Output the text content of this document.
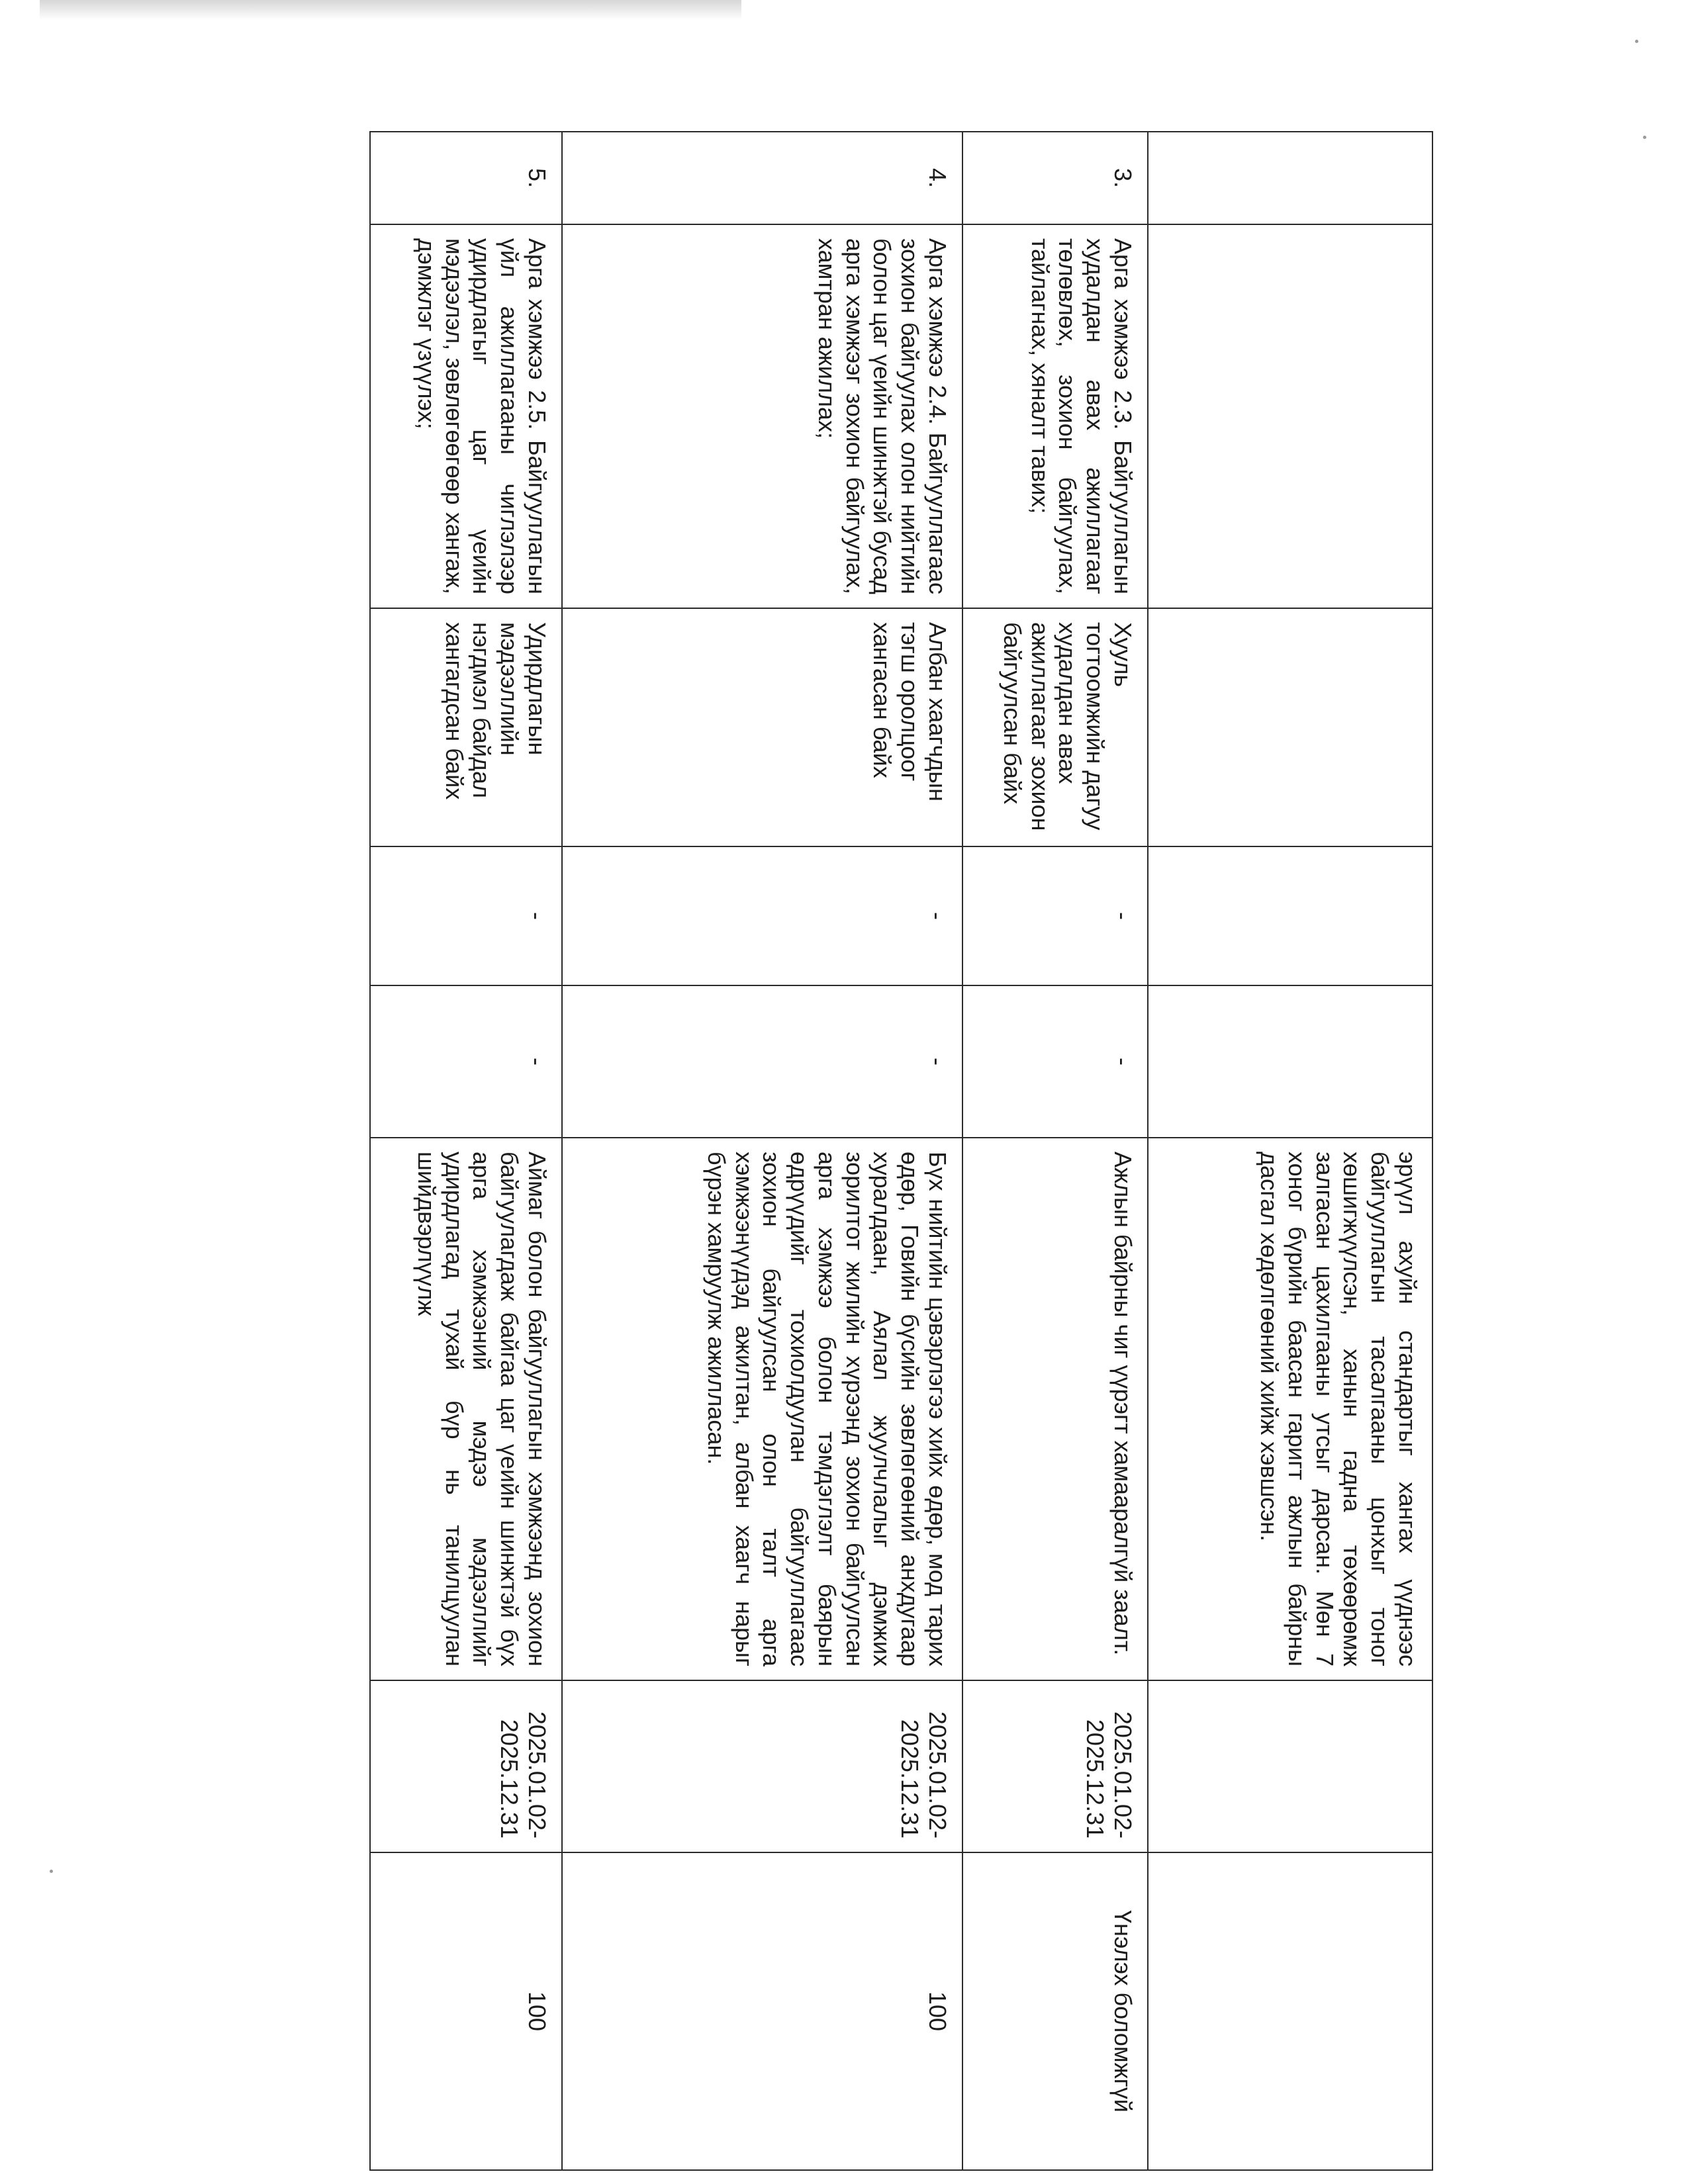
					эрүүл ахуйн стандартыг хангах үүднээс байгууллагын тасалгааны цонхыг тоног хөшигжүүлсэн, ханын гадна төхөөрөмж залгасан цахилгааны утсыг дарсан. Мөн 7 хоног бүрийн баасан гаригт ажлын байрны дасгал хөдөлгөөний хийж хэвшсэн.		
3.	Арга хэмжээ 2.3. Байгууллагын худалдан авах ажиллагааг төлөвлөх, зохион байгуулах, тайлагнах, хяналт тавих;	Хууль тогтоомжийн дагуу худалдан авах ажиллагааг зохион байгуулсан байх	-	-	Ажлын байрны чиг үүрэгт хамааралгүй заалт.	2025.01.02-2025.12.31	Үнэлэх боломжгүй
4.	Арга хэмжээ 2.4. Байгууллагаас зохион байгуулах олон нийтийн болон цаг үеийн шинжтэй бусад арга хэмжээг зохион байгуулах, хамтран ажиллах;	Албан хаагчдын тэгш оролцоог хангасан байх	-	-	Бүх нийтийн цэвэрлэгээ хийх өдөр, мод тарих өдөр, Говийн бүсийн зөвлөгөөний анхдугаар хуралдаан, Аялал жуулчлалыг дэмжих зорилтот жилийн хүрээнд зохион байгуулсан арга хэмжээ болон тэмдэглэлт баярын өдрүүдийг тохиолдуулан байгууллагаас зохион байгуулсан олон талт арга хэмжээнүүдэд ажилтан, албан хаагч нарыг бүрэн хамруулж ажилласан.	2025.01.02-2025.12.31	100
5.	Арга хэмжээ 2.5. Байгууллагын үйл ажиллагааны чиглэлээр удирдлагыг цаг үеийн мэдээлэл, зөвлөгөөгөөр хангаж, дэмжлэг үзүүлэх;	Удирдлагын мэдээллийн нэгдмэл байдал хангагдсан байх	-	-	Аймаг болон байгууллагын хэмжээнд зохион байгуулагдаж байгаа цаг үеийн шинжтэй бүх арга хэмжээний мэдээ мэдээллийг удирдлагад тухай бүр нь танилцуулан шийдвэрлүүлж	2025.01.02-2025.12.31	100
